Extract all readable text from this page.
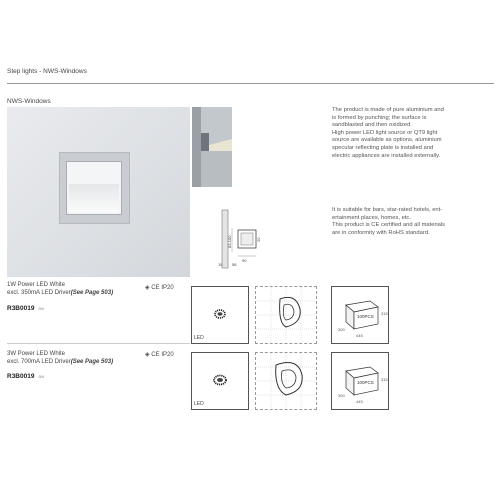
Step lights - NWS-Windows
NWS-Windows
The product is made of pure aluminium and
is formed by punching; the surface is
sandblasted and then oxidized.
High power LED light source or QT9 light
source are available as options, aluminium
specular reflecting plate is installed and
electric appliances are installed externally.
It is suitable for bars, star-rated hotels, ent-
ertainment places, homes, etc.
This product is CE certified and all materials
are in conformity with RoHS standard.
83-100
90
20
58
15
1W Power LED White
excl. 350mA LED Driver(See Page 503)
◈ CE IP20
R3B0019 aw
LED
100PCS
445
315
300
3W Power LED White
excl. 700mA LED Driver(See Page 503)
◈ CE IP20
R3B0019 aw
LED
100PCS
445
315
300
